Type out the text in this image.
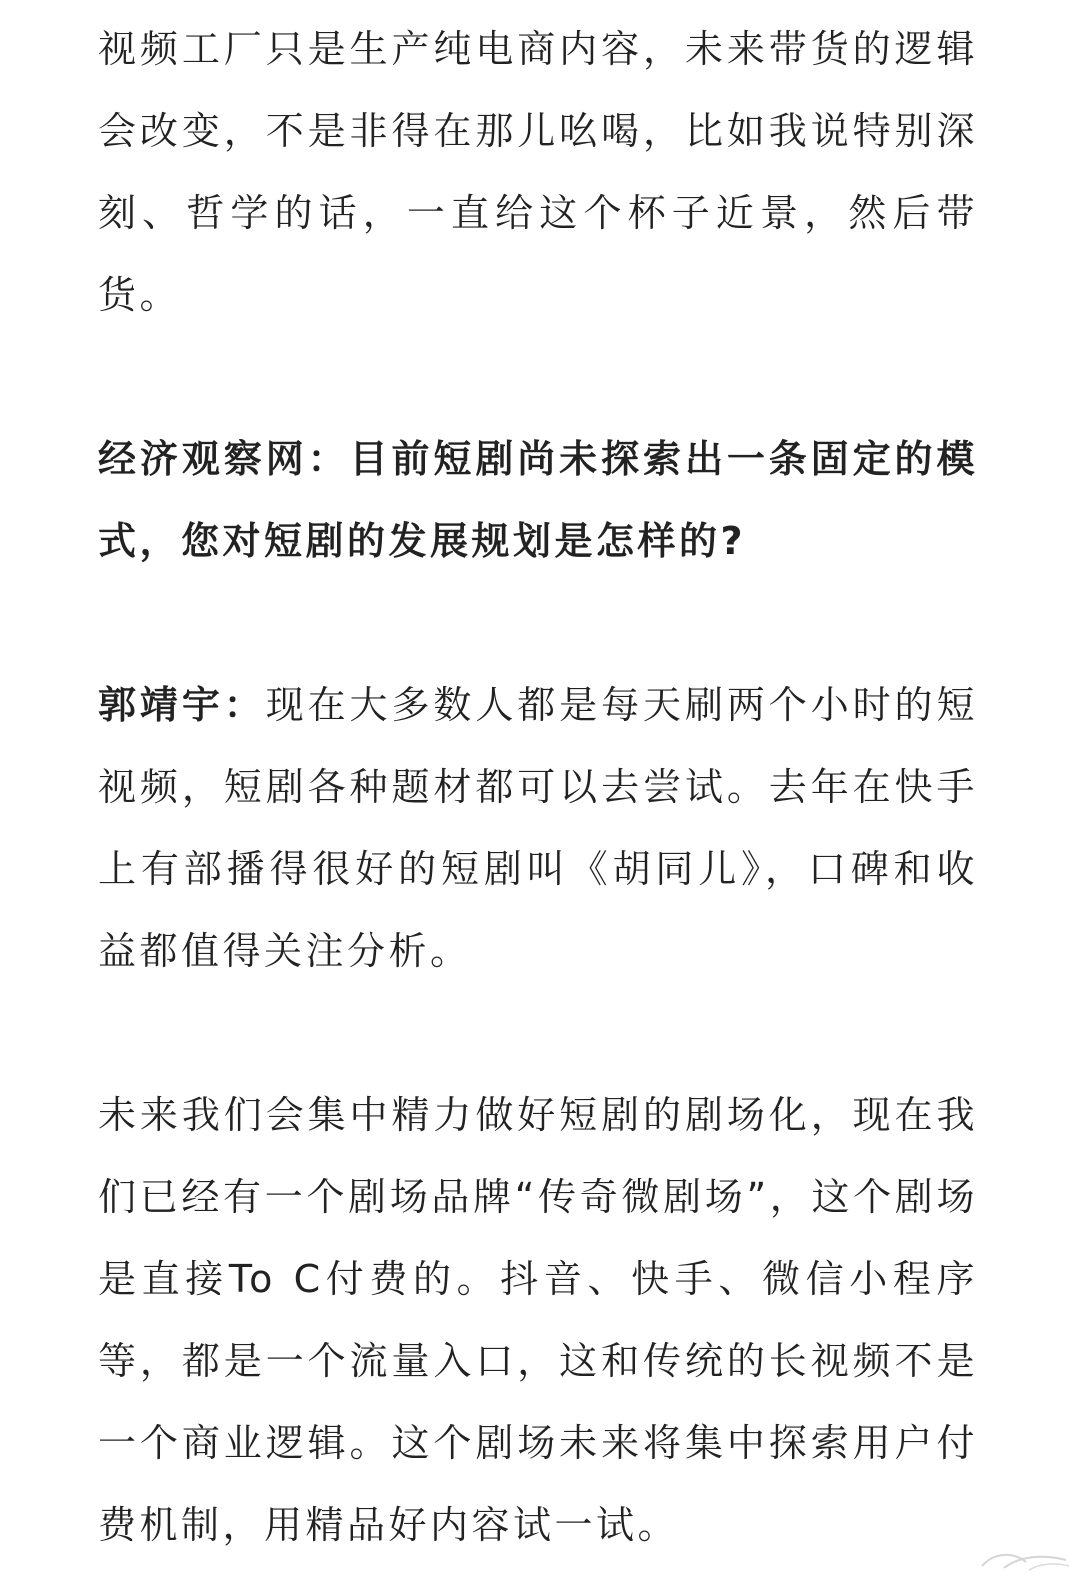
视频工厂只是生产纯电商内容，未来带货的逻辑会改变，不是非得在那儿吆喝，比如我说特别深刻、哲学的话，一直给这个杯子近景，然后带货。

经济观察网：目前短剧尚未探索出一条固定的模式，您对短剧的发展规划是怎样的?

郭靖宇：现在大多数人都是每天刷两个小时的短视频，短剧各种题材都可以去尝试。去年在快手上有部播得很好的短剧叫《胡同儿》，口碑和收益都值得关注分析。

未来我们会集中精力做好短剧的剧场化，现在我们已经有一个剧场品牌“传奇微剧场”，这个剧场是直接To C付费的。抖音、快手、微信小程序等，都是一个流量入口，这和传统的长视频不是一个商业逻辑。这个剧场未来将集中探索用户付费机制，用精品好内容试一试。
